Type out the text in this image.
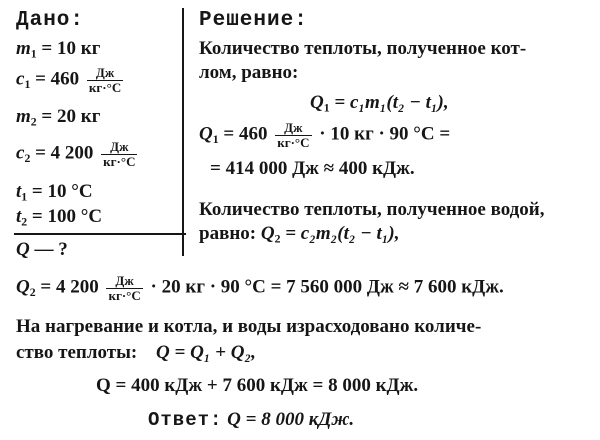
Дано:
$m_1 = 10$ кг
$c_1 = 460 \frac{Дж}{кг\cdot^\circ С}$
$m_2 = 20$ кг
$c_2 = 4$ $200 \frac{Дж}{кг\cdot^\circ С}$
$t_1 = 10$ °С
$t_2 = 100$ °С
Q — ?
Решение:
Количество теплоты, полученное кот-
лом, равно:
$Q_1 = c_1m_1(t_2 - t_1)$,
$Q_1 = 460 \frac{Дж}{кг\cdot^\circ С} \cdot 10$ кг · 90 °С =
= 414 000 Дж ≈ 400 кДж.
Количество теплоты, полученное водой,
равно: $Q_2 = c_2m_2(t_2 - t_1)$,
$Q_2 = 4$ $200 \frac{Дж}{кг\cdot^\circ С} \cdot 20$ кг · 90 °С = 7 560 000 Дж ≈ 7 600 кДж.
На нагревание и котла, и воды израсходовано количе-
ство теплоты: Q = Q₁ + Q₂,
Q = 400 кДж + 7 600 кДж = 8 000 кДж.
Ответ: Q = 8 000 кДж.
